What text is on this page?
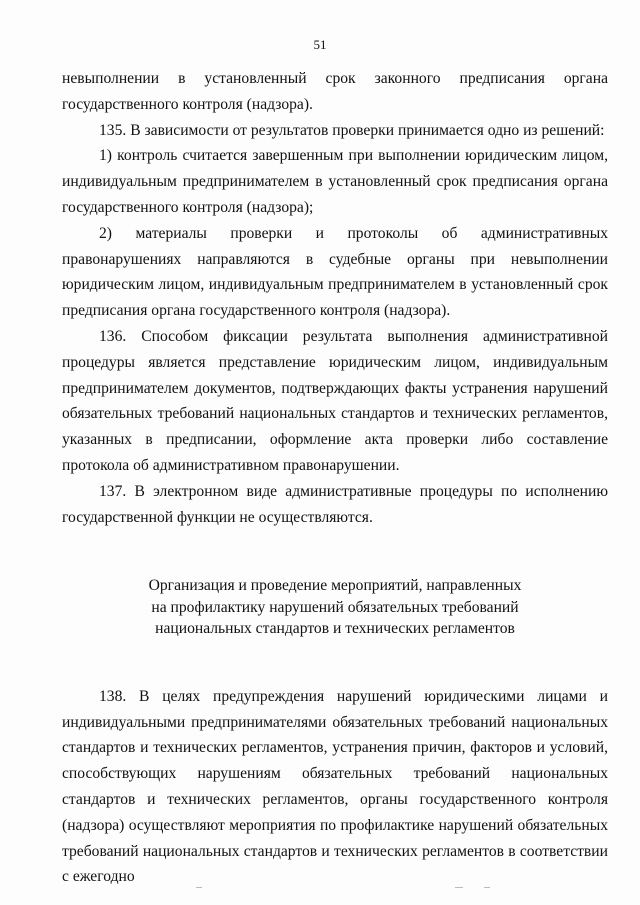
51

невыполнении в установленный срок законного предписания органа государственного контроля (надзора).

135. В зависимости от результатов проверки принимается одно из решений:

1) контроль считается завершенным при выполнении юридическим лицом, индивидуальным предпринимателем в установленный срок предписания органа государственного контроля (надзора);

2) материалы проверки и протоколы об административных правонарушениях направляются в судебные органы при невыполнении юридическим лицом, индивидуальным предпринимателем в установленный срок предписания органа государственного контроля (надзора).

136. Способом фиксации результата выполнения административной процедуры является представление юридическим лицом, индивидуальным предпринимателем документов, подтверждающих факты устранения нарушений обязательных требований национальных стандартов и технических регламентов, указанных в предписании, оформление акта проверки либо составление протокола об административном правонарушении.

137. В электронном виде административные процедуры по исполнению государственной функции не осуществляются.

Организация и проведение мероприятий, направленных
на профилактику нарушений обязательных требований
национальных стандартов и технических регламентов

138. В целях предупреждения нарушений юридическими лицами и индивидуальными предпринимателями обязательных требований национальных стандартов и технических регламентов, устранения причин, факторов и условий, способствующих нарушениям обязательных требований национальных стандартов и технических регламентов, органы государственного контроля (надзора) осуществляют мероприятия по профилактике нарушений обязательных требований национальных стандартов и технических регламентов в соответствии с ежегодно
